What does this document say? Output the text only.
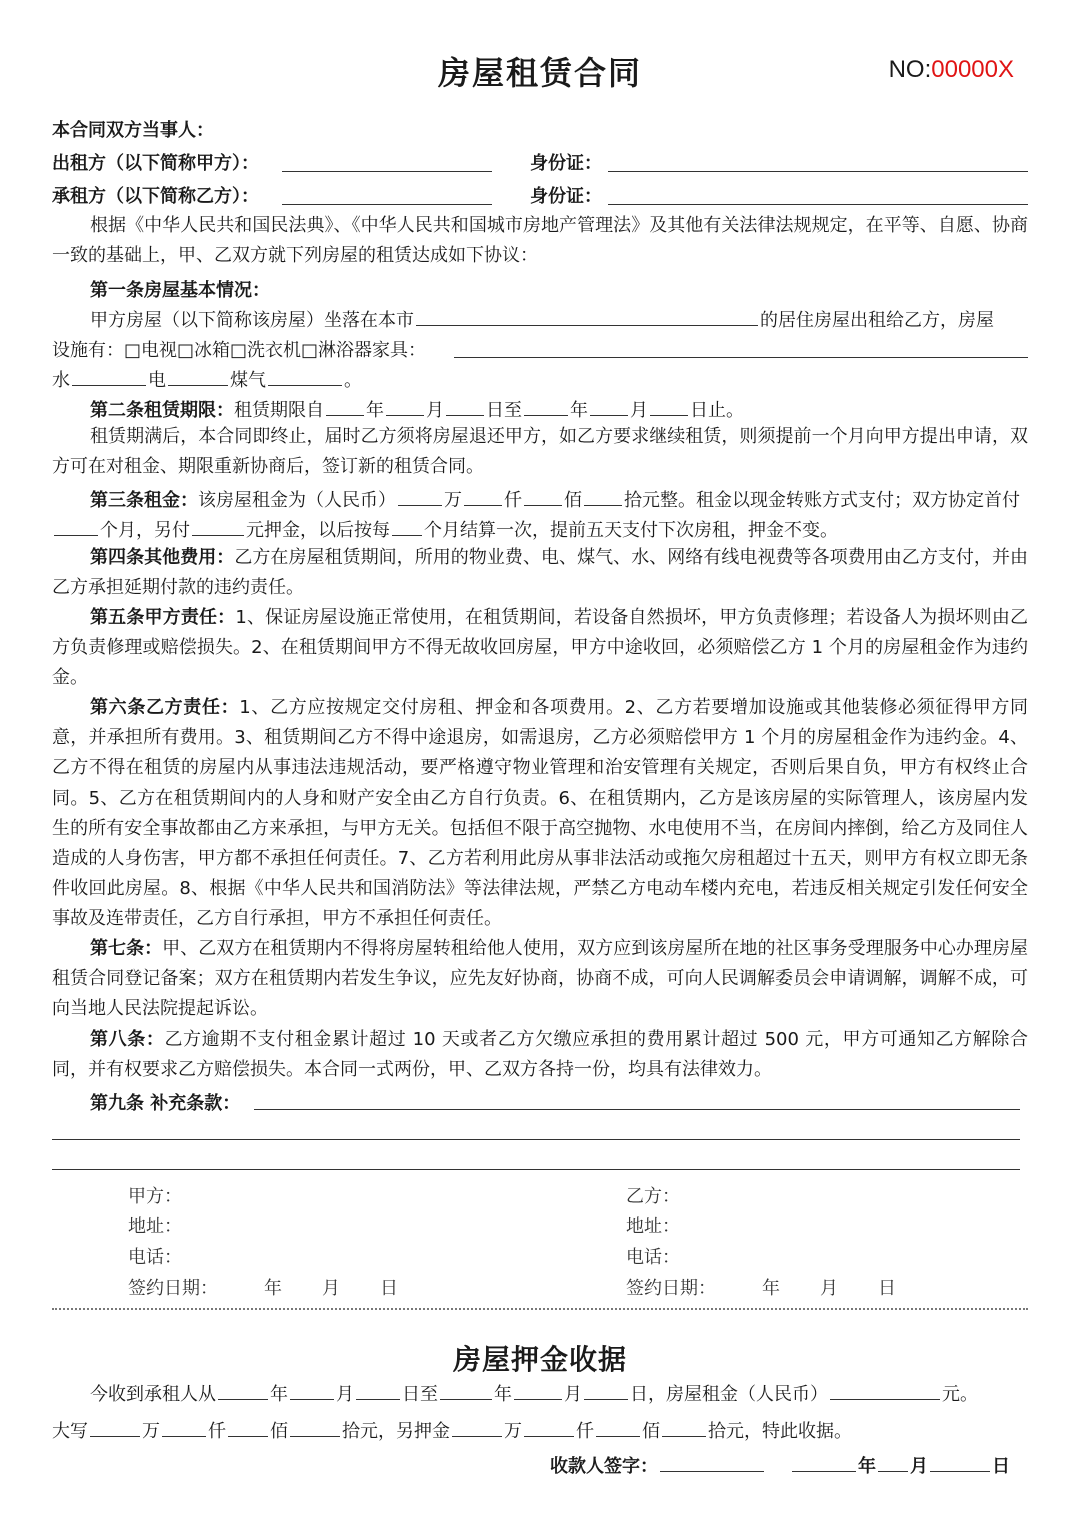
房屋租赁合同	NO:00000X
本合同双方当事人：
出租方（以下简称甲方）：	身份证：
承租方（以下简称乙方）：	身份证：
根据《中华人民共和国民法典》、《中华人民共和国城市房地产管理法》及其他有关法律法规规定，在平等、自愿、协商一致的基础上，甲、乙双方就下列房屋的租赁达成如下协议：
第一条房屋基本情况：
甲方房屋（以下简称该房屋）坐落在本市	的居住房屋出租给乙方，房屋
设施有：□电视□冰箱□洗衣机□淋浴器家具：
水	电	煤气	。
第二条租赁期限：租赁期限自 年 月 日至	年 月 日止。
租赁期满后，本合同即终止，届时乙方须将房屋退还甲方，如乙方要求继续租赁，则须提前一个月向甲方提出申请，双方可在对租金、期限重新协商后，签订新的租赁合同。
第三条租金：该房屋租金为（人民币）	万 仟 佰 拾元整。租金以现金转账方式支付；双方协定首付
个月，另付	元押金，以后按每 个月结算一次，提前五天支付下次房租，押金不变。
第四条其他费用：乙方在房屋租赁期间，所用的物业费、电、煤气、水、网络有线电视费等各项费用由乙方支付，并由乙方承担延期付款的违约责任。
第五条甲方责任：1、保证房屋设施正常使用，在租赁期间，若设备自然损坏，甲方负责修理；若设备人为损坏则由乙方负责修理或赔偿损失。2、在租赁期间甲方不得无故收回房屋，甲方中途收回，必须赔偿乙方 1 个月的房屋租金作为违约金。
第六条乙方责任：1、乙方应按规定交付房租、押金和各项费用。2、乙方若要增加设施或其他装修必须征得甲方同意，并承担所有费用。3、租赁期间乙方不得中途退房，如需退房，乙方必须赔偿甲方 1 个月的房屋租金作为违约金。4、乙方不得在租赁的房屋内从事违法违规活动，要严格遵守物业管理和治安管理有关规定，否则后果自负，甲方有权终止合同。5、乙方在租赁期间内的人身和财产安全由乙方自行负责。6、在租赁期内，乙方是该房屋的实际管理人，该房屋内发生的所有安全事故都由乙方来承担，与甲方无关。包括但不限于高空抛物、水电使用不当，在房间内摔倒，给乙方及同住人造成的人身伤害，甲方都不承担任何责任。7、乙方若利用此房从事非法活动或拖欠房租超过十五天，则甲方有权立即无条件收回此房屋。8、根据《中华人民共和国消防法》等法律法规，严禁乙方电动车楼内充电，若违反相关规定引发任何安全事故及连带责任，乙方自行承担，甲方不承担任何责任。
第七条：甲、乙双方在租赁期内不得将房屋转租给他人使用，双方应到该房屋所在地的社区事务受理服务中心办理房屋租赁合同登记备案；双方在租赁期内若发生争议，应先友好协商，协商不成，可向人民调解委员会申请调解，调解不成，可向当地人民法院提起诉讼。
第八条：乙方逾期不支付租金累计超过 10 天或者乙方欠缴应承担的费用累计超过 500 元，甲方可通知乙方解除合同，并有权要求乙方赔偿损失。本合同一式两份，甲、乙双方各持一份，均具有法律效力。
第九条 补充条款：
甲方：	乙方：
地址：	地址：
电话：	电话：
签约日期：	年 月 日	签约日期：	年 月 日
房屋押金收据
今收到承租人从	年	月	日至	年	月	日，房屋租金（人民币）	元。
大写	万	仟 佰	拾元，另押金	万	仟	佰	拾元，特此收据。
收款人签字：	年 月	日
